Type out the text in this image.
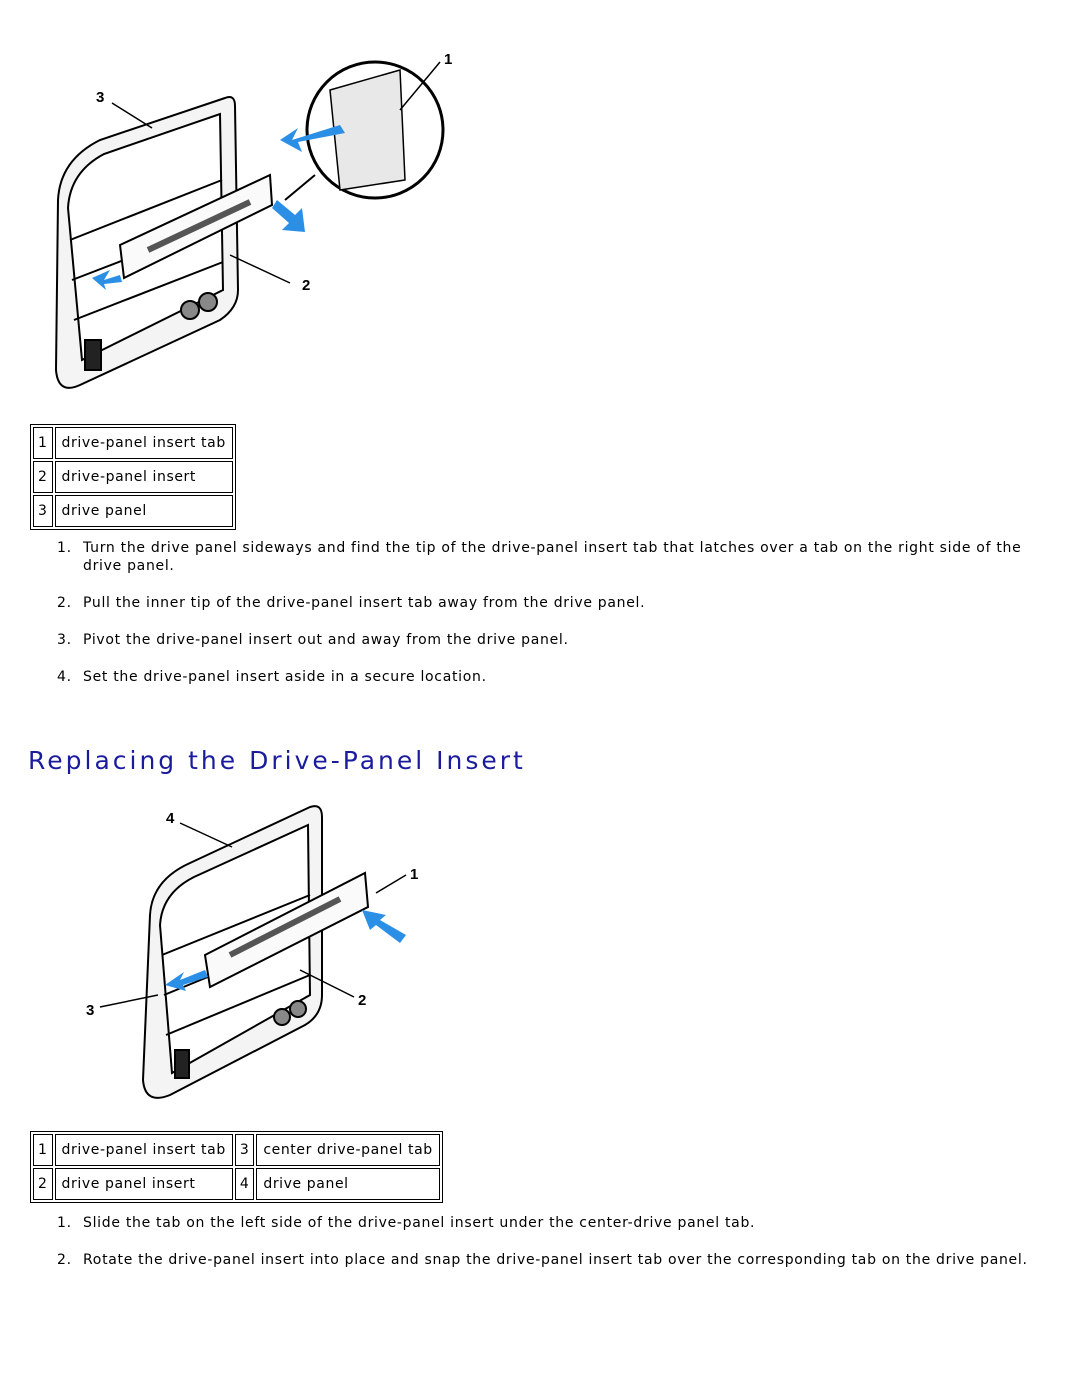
3
1
2
1	drive-panel insert tab
2	drive-panel insert
3	drive panel
1. Turn the drive panel sideways and find the tip of the drive-panel insert tab that latches over a tab on the right side of the drive panel.
2. Pull the inner tip of the drive-panel insert tab away from the drive panel.
3. Pivot the drive-panel insert out and away from the drive panel.
4. Set the drive-panel insert aside in a secure location.
Replacing the Drive-Panel Insert
4
1
3
2
1	drive-panel insert tab	3	center drive-panel tab
2	drive panel insert	4	drive panel
1. Slide the tab on the left side of the drive-panel insert under the center-drive panel tab.
2. Rotate the drive-panel insert into place and snap the drive-panel insert tab over the corresponding tab on the drive panel.
